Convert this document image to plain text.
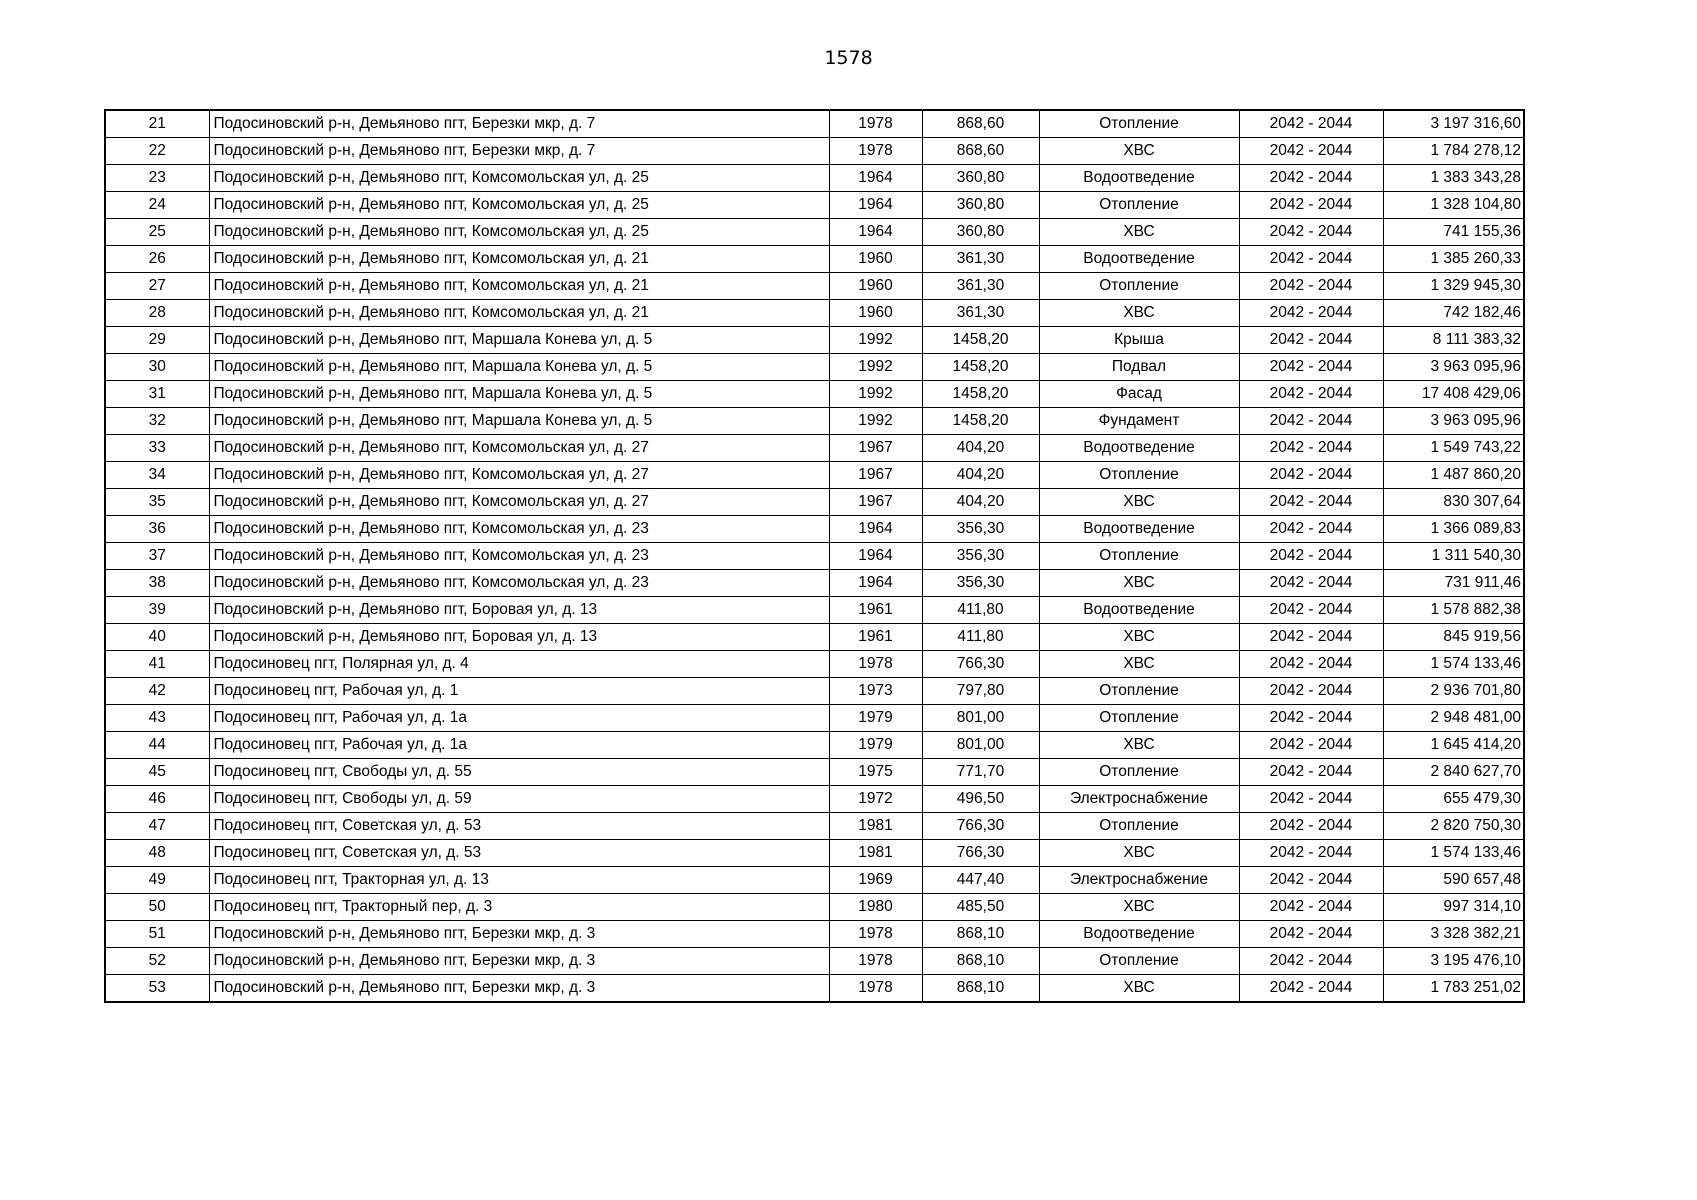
1578
21	Подосиновский р-н, Демьяново пгт, Березки мкр, д. 7	1978	868,60	Отопление	2042 - 2044	3 197 316,60
22	Подосиновский р-н, Демьяново пгт, Березки мкр, д. 7	1978	868,60	ХВС	2042 - 2044	1 784 278,12
23	Подосиновский р-н, Демьяново пгт, Комсомольская ул, д. 25	1964	360,80	Водоотведение	2042 - 2044	1 383 343,28
24	Подосиновский р-н, Демьяново пгт, Комсомольская ул, д. 25	1964	360,80	Отопление	2042 - 2044	1 328 104,80
25	Подосиновский р-н, Демьяново пгт, Комсомольская ул, д. 25	1964	360,80	ХВС	2042 - 2044	741 155,36
26	Подосиновский р-н, Демьяново пгт, Комсомольская ул, д. 21	1960	361,30	Водоотведение	2042 - 2044	1 385 260,33
27	Подосиновский р-н, Демьяново пгт, Комсомольская ул, д. 21	1960	361,30	Отопление	2042 - 2044	1 329 945,30
28	Подосиновский р-н, Демьяново пгт, Комсомольская ул, д. 21	1960	361,30	ХВС	2042 - 2044	742 182,46
29	Подосиновский р-н, Демьяново пгт, Маршала Конева ул, д. 5	1992	1458,20	Крыша	2042 - 2044	8 111 383,32
30	Подосиновский р-н, Демьяново пгт, Маршала Конева ул, д. 5	1992	1458,20	Подвал	2042 - 2044	3 963 095,96
31	Подосиновский р-н, Демьяново пгт, Маршала Конева ул, д. 5	1992	1458,20	Фасад	2042 - 2044	17 408 429,06
32	Подосиновский р-н, Демьяново пгт, Маршала Конева ул, д. 5	1992	1458,20	Фундамент	2042 - 2044	3 963 095,96
33	Подосиновский р-н, Демьяново пгт, Комсомольская ул, д. 27	1967	404,20	Водоотведение	2042 - 2044	1 549 743,22
34	Подосиновский р-н, Демьяново пгт, Комсомольская ул, д. 27	1967	404,20	Отопление	2042 - 2044	1 487 860,20
35	Подосиновский р-н, Демьяново пгт, Комсомольская ул, д. 27	1967	404,20	ХВС	2042 - 2044	830 307,64
36	Подосиновский р-н, Демьяново пгт, Комсомольская ул, д. 23	1964	356,30	Водоотведение	2042 - 2044	1 366 089,83
37	Подосиновский р-н, Демьяново пгт, Комсомольская ул, д. 23	1964	356,30	Отопление	2042 - 2044	1 311 540,30
38	Подосиновский р-н, Демьяново пгт, Комсомольская ул, д. 23	1964	356,30	ХВС	2042 - 2044	731 911,46
39	Подосиновский р-н, Демьяново пгт, Боровая ул, д. 13	1961	411,80	Водоотведение	2042 - 2044	1 578 882,38
40	Подосиновский р-н, Демьяново пгт, Боровая ул, д. 13	1961	411,80	ХВС	2042 - 2044	845 919,56
41	Подосиновец пгт, Полярная ул, д. 4	1978	766,30	ХВС	2042 - 2044	1 574 133,46
42	Подосиновец пгт, Рабочая ул, д. 1	1973	797,80	Отопление	2042 - 2044	2 936 701,80
43	Подосиновец пгт, Рабочая ул, д. 1а	1979	801,00	Отопление	2042 - 2044	2 948 481,00
44	Подосиновец пгт, Рабочая ул, д. 1а	1979	801,00	ХВС	2042 - 2044	1 645 414,20
45	Подосиновец пгт, Свободы ул, д. 55	1975	771,70	Отопление	2042 - 2044	2 840 627,70
46	Подосиновец пгт, Свободы ул, д. 59	1972	496,50	Электроснабжение	2042 - 2044	655 479,30
47	Подосиновец пгт, Советская ул, д. 53	1981	766,30	Отопление	2042 - 2044	2 820 750,30
48	Подосиновец пгт, Советская ул, д. 53	1981	766,30	ХВС	2042 - 2044	1 574 133,46
49	Подосиновец пгт, Тракторная ул, д. 13	1969	447,40	Электроснабжение	2042 - 2044	590 657,48
50	Подосиновец пгт, Тракторный пер, д. 3	1980	485,50	ХВС	2042 - 2044	997 314,10
51	Подосиновский р-н, Демьяново пгт, Березки мкр, д. 3	1978	868,10	Водоотведение	2042 - 2044	3 328 382,21
52	Подосиновский р-н, Демьяново пгт, Березки мкр, д. 3	1978	868,10	Отопление	2042 - 2044	3 195 476,10
53	Подосиновский р-н, Демьяново пгт, Березки мкр, д. 3	1978	868,10	ХВС	2042 - 2044	1 783 251,02
